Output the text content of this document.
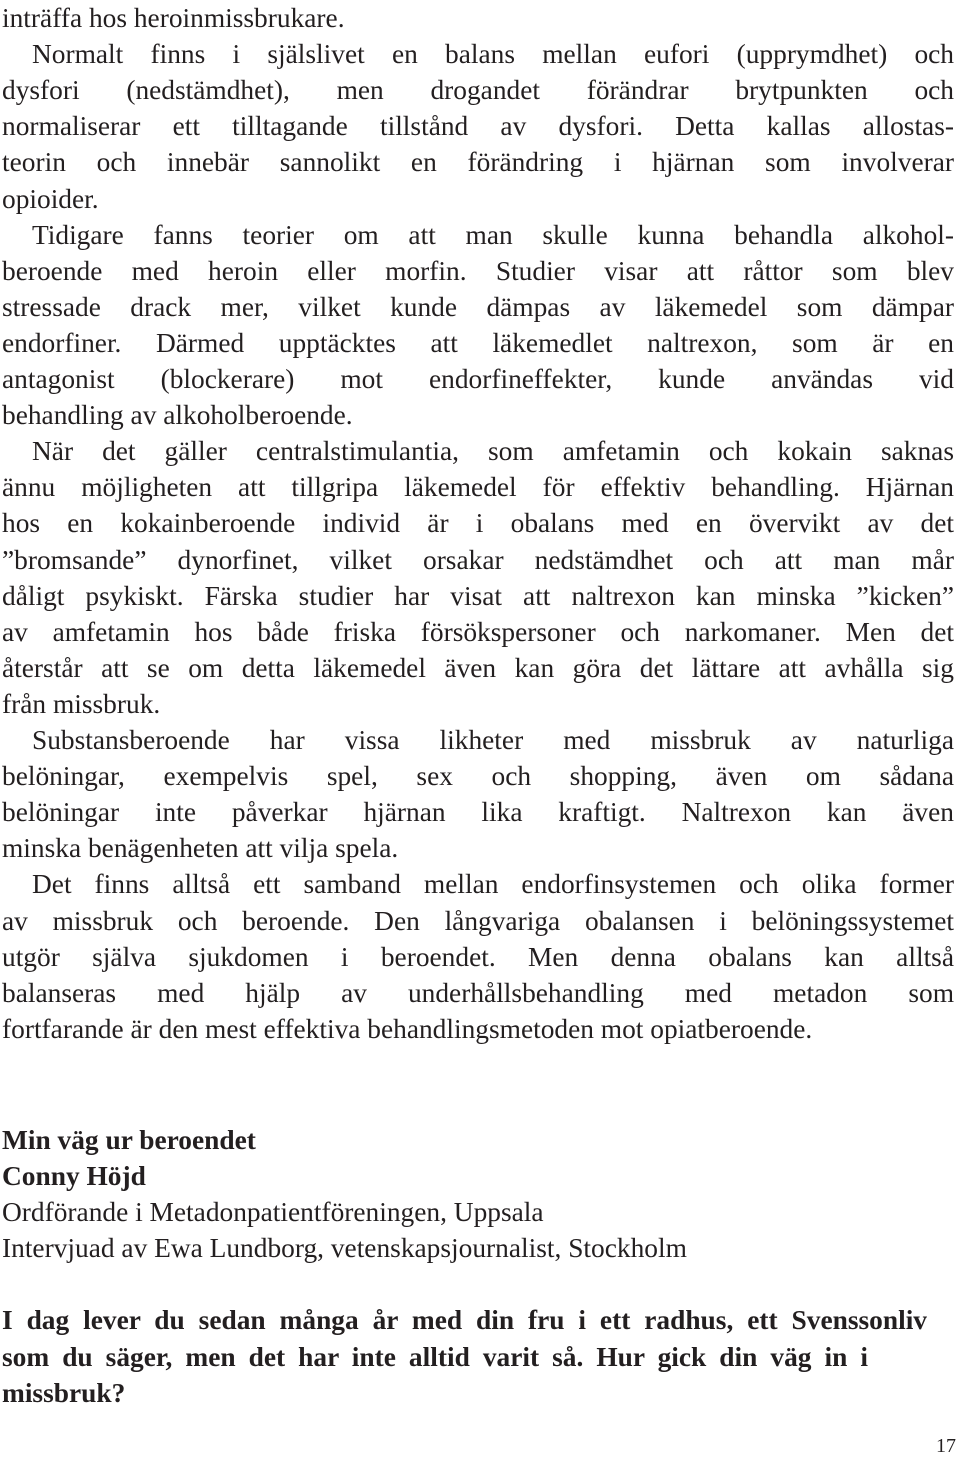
inträffa hos heroinmissbrukare.
Normalt finns i själslivet en balans mellan eufori (upprymdhet) och
dysfori (nedstämdhet), men drogandet förändrar brytpunkten och
normaliserar ett tilltagande tillstånd av dysfori. Detta kallas allostas-
teorin och innebär sannolikt en förändring i hjärnan som involverar
opioider.
Tidigare fanns teorier om att man skulle kunna behandla alkohol-
beroende med heroin eller morfin. Studier visar att råttor som blev
stressade drack mer, vilket kunde dämpas av läkemedel som dämpar
endorfiner. Därmed upptäcktes att läkemedlet naltrexon, som är en
antagonist (blockerare) mot endorfineffekter, kunde användas vid
behandling av alkoholberoende.
När det gäller centralstimulantia, som amfetamin och kokain saknas
ännu möjligheten att tillgripa läkemedel för effektiv behandling. Hjärnan
hos en kokainberoende individ är i obalans med en övervikt av det
”bromsande” dynorfinet, vilket orsakar nedstämdhet och att man mår
dåligt psykiskt. Färska studier har visat att naltrexon kan minska ”kicken”
av amfetamin hos både friska försökspersoner och narkomaner. Men det
återstår att se om detta läkemedel även kan göra det lättare att avhålla sig
från missbruk.
Substansberoende har vissa likheter med missbruk av naturliga
belöningar, exempelvis spel, sex och shopping, även om sådana
belöningar inte påverkar hjärnan lika kraftigt. Naltrexon kan även
minska benägenheten att vilja spela.
Det finns alltså ett samband mellan endorfinsystemen och olika former
av missbruk och beroende. Den långvariga obalansen i belöningssystemet
utgör själva sjukdomen i beroendet. Men denna obalans kan alltså
balanseras med hjälp av underhållsbehandling med metadon som
fortfarande är den mest effektiva behandlingsmetoden mot opiatberoende.
Min väg ur beroendet
Conny Höjd
Ordförande i Metadonpatientföreningen, Uppsala
Intervjuad av Ewa Lundborg, vetenskapsjournalist, Stockholm
I dag lever du sedan många år med din fru i ett radhus, ett Svenssonliv
som du säger, men det har inte alltid varit så. Hur gick din väg in i
missbruk?
17
